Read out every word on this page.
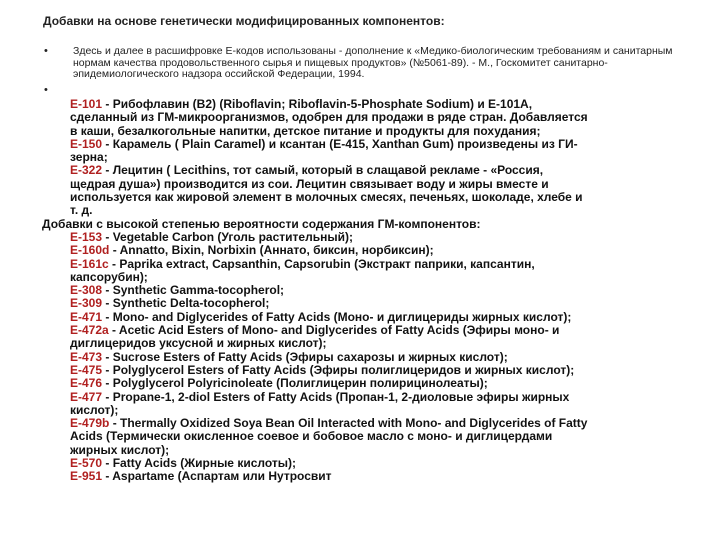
Добавки на основе генетически модифицированных компонентов:
• Здесь и далее в расшифровке Е-кодов использованы - дополнение к «Медико-биологическим требованиям и санитарным нормам качества продовольственного сырья и пищевых продуктов» (№5061-89). - М., Госкомитет санитарно-эпидемиологического надзора оссийской Федерации, 1994.
•
E-101 - Рибофлавин (В2) (Riboflavin; Riboflavin-5-Phosphate Sodium) и E-101A,
сделанный из ГМ-микроорганизмов, одобрен для продажи в ряде стран. Добавляется
в каши, безалкогольные напитки, детское питание и продукты для похудания;
E-150 - Карамель ( Plain Caramel) и ксантан (E-415, Xanthan Gum) произведены из ГИ-
зерна;
E-322 - Лецитин ( Lecithins, тот самый, который в слащавой рекламе - «Россия,
щедрая душа») производится из сои. Лецитин связывает воду и жиры вместе и
используется как жировой элемент в молочных смесях, печеньях, шоколаде, хлебе и
т. д.
Добавки с высокой степенью вероятности содержания ГМ-компонентов:
E-153 - Vegetable Carbon (Уголь растительный);
E-160d - Annatto, Bixin, Norbixin (Аннато, биксин, норбиксин);
E-161c - Paprika extract, Capsanthin, Capsorubin (Экстракт паприки, капсантин,
капсорубин);
E-308 - Synthetic Gamma-tocopherol;
E-309 - Synthetic Delta-tocopherol;
E-471 - Mono- and Diglycerides of Fatty Acids (Моно- и диглицериды жирных кислот);
E-472a - Acetic Acid Esters of Mono- and Diglycerides of Fatty Acids (Эфиры моно- и
диглицеридов уксусной и жирных кислот);
E-473 - Sucrose Esters of Fatty Acids (Эфиры сахарозы и жирных кислот);
E-475 - Polyglycerol Esters of Fatty Acids (Эфиры полиглицеридов и жирных кислот);
E-476 - Polyglycerol Polyricinoleate (Полиглицерин полирицинолеаты);
E-477 - Propane-1, 2-diol Esters of Fatty Acids (Пропан-1, 2-диоловые эфиры жирных
кислот);
E-479b - Thermally Oxidized Soya Bean Oil Interacted with Mono- and Diglycerides of Fatty
Acids (Термически окисленное соевое и бобовое масло с моно- и диглицердами
жирных кислот);
E-570 - Fatty Acids (Жирные кислоты);
E-951 - Aspartame (Аспартам или Нутросвит
